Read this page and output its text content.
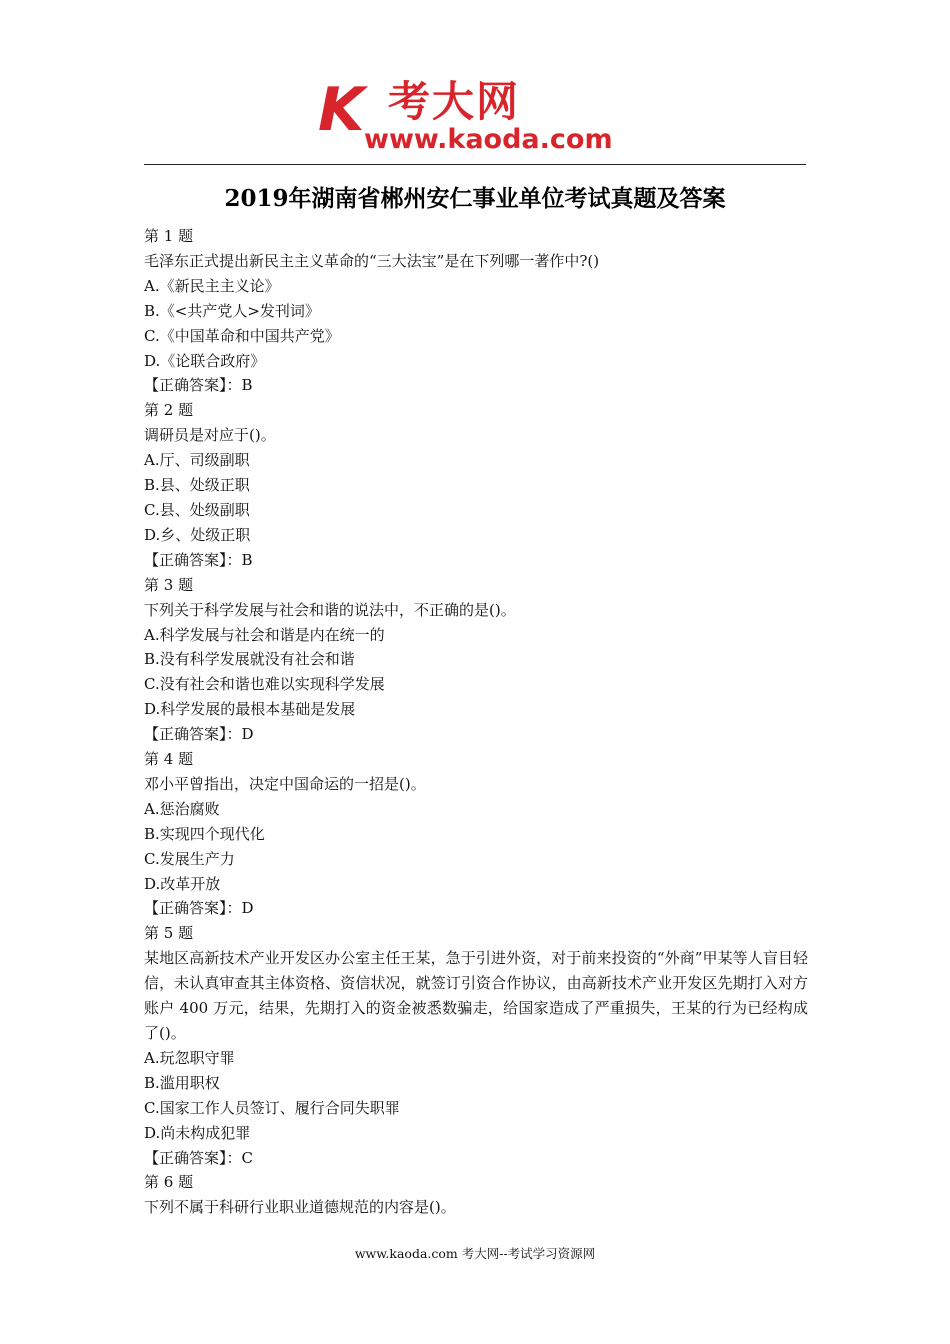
K 考大网
www.kaoda.com
2019年湖南省郴州安仁事业单位考试真题及答案
第 1 题
毛泽东正式提出新民主主义革命的“三大法宝”是在下列哪一著作中?()
A.《新民主主义论》
B.《<共产党人>发刊词》
C.《中国革命和中国共产党》
D.《论联合政府》
【正确答案】：B
第 2 题
调研员是对应于()。
A.厅、司级副职
B.县、处级正职
C.县、处级副职
D.乡、处级正职
【正确答案】：B
第 3 题
下列关于科学发展与社会和谐的说法中，不正确的是()。
A.科学发展与社会和谐是内在统一的
B.没有科学发展就没有社会和谐
C.没有社会和谐也难以实现科学发展
D.科学发展的最根本基础是发展
【正确答案】：D
第 4 题
邓小平曾指出，决定中国命运的一招是()。
A.惩治腐败
B.实现四个现代化
C.发展生产力
D.改革开放
【正确答案】：D
第 5 题
某地区高新技术产业开发区办公室主任王某，急于引进外资，对于前来投资的“外商”甲某等人盲目轻信，未认真审查其主体资格、资信状况，就签订引资合作协议，由高新技术产业开发区先期打入对方账户 400 万元，结果，先期打入的资金被悉数骗走，给国家造成了严重损失，王某的行为已经构成了()。
A.玩忽职守罪
B.滥用职权
C.国家工作人员签订、履行合同失职罪
D.尚未构成犯罪
【正确答案】：C
第 6 题
下列不属于科研行业职业道德规范的内容是()。
www.kaoda.com 考大网--考试学习资源网
